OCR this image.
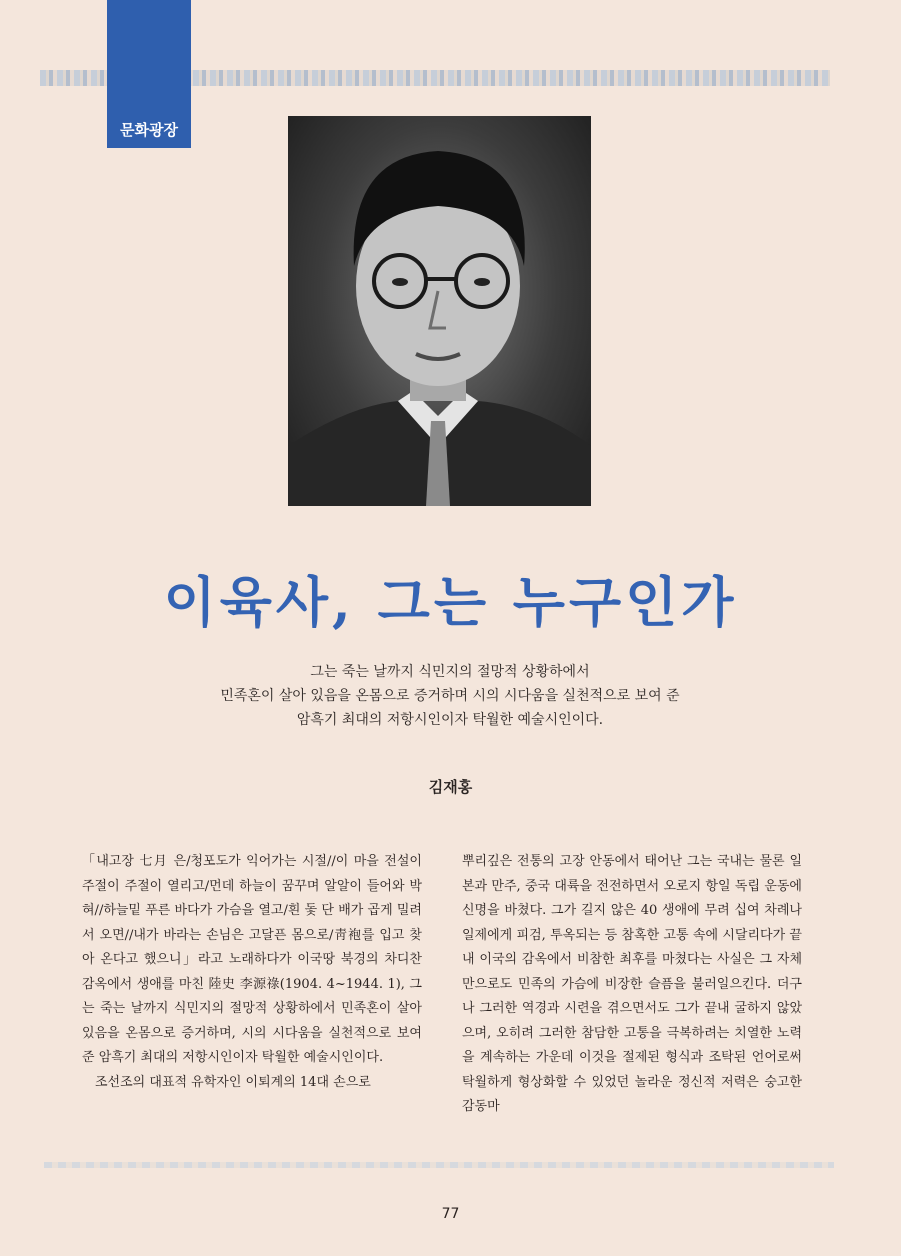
문화광장
이육사, 그는 누구인가
그는 죽는 날까지 식민지의 절망적 상황하에서
민족혼이 살아 있음을 온몸으로 증거하며 시의 시다움을 실천적으로 보여 준
암흑기 최대의 저항시인이자 탁월한 예술시인이다.
김재홍

「내고장 七月 은/청포도가 익어가는 시절//이 마을 전설이 주절이 주절이 열리고/먼데 하늘이 꿈꾸며 알알이 들어와 박혀//하늘밑 푸른 바다가 가슴을 열고/흰 돛 단 배가 곱게 밀려서 오면//내가 바라는 손님은 고달픈 몸으로/靑袍를 입고 찾아 온다고 했으니」라고 노래하다가 이국땅 북경의 차디찬 감옥에서 생애를 마친 陸史 李源祿(1904. 4~1944. 1), 그는 죽는 날까지 식민지의 절망적 상황하에서 민족혼이 살아 있음을 온몸으로 증거하며, 시의 시다움을 실천적으로 보여 준 암흑기 최대의 저항시인이자 탁월한 예술시인이다.

조선조의 대표적 유학자인 이퇴계의 14대 손으로

뿌리깊은 전통의 고장 안동에서 태어난 그는 국내는 물론 일본과 만주, 중국 대륙을 전전하면서 오로지 항일 독립 운동에 신명을 바쳤다. 그가 길지 않은 40 생애에 무려 십여 차례나 일제에게 피검, 투옥되는 등 참혹한 고통 속에 시달리다가 끝내 이국의 감옥에서 비참한 최후를 마쳤다는 사실은 그 자체만으로도 민족의 가슴에 비장한 슬픔을 불러일으킨다. 더구나 그러한 역경과 시련을 겪으면서도 그가 끝내 굴하지 않았으며, 오히려 그러한 참담한 고통을 극복하려는 치열한 노력을 계속하는 가운데 이것을 절제된 형식과 조탁된 언어로써 탁월하게 형상화할 수 있었던 놀라운 정신적 저력은 숭고한 감동마

77
